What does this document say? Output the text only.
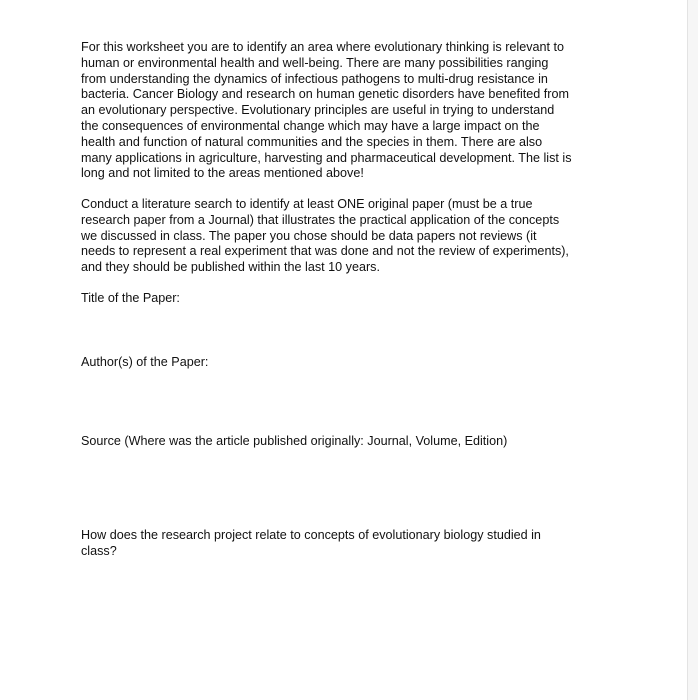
For this worksheet you are to identify an area where evolutionary thinking is relevant to
human or environmental health and well-being. There are many possibilities ranging
from understanding the dynamics of infectious pathogens to multi-drug resistance in
bacteria. Cancer Biology and research on human genetic disorders have benefited from
an evolutionary perspective. Evolutionary principles are useful in trying to understand
the consequences of environmental change which may have a large impact on the
health and function of natural communities and the species in them. There are also
many applications in agriculture, harvesting and pharmaceutical development. The list is
long and not limited to the areas mentioned above!

Conduct a literature search to identify at least ONE original paper (must be a true
research paper from a Journal) that illustrates the practical application of the concepts
we discussed in class. The paper you chose should be data papers not reviews (it
needs to represent a real experiment that was done and not the review of experiments),
and they should be published within the last 10 years.

Title of the Paper:

Author(s) of the Paper:

Source (Where was the article published originally: Journal, Volume, Edition)

How does the research project relate to concepts of evolutionary biology studied in
class?
